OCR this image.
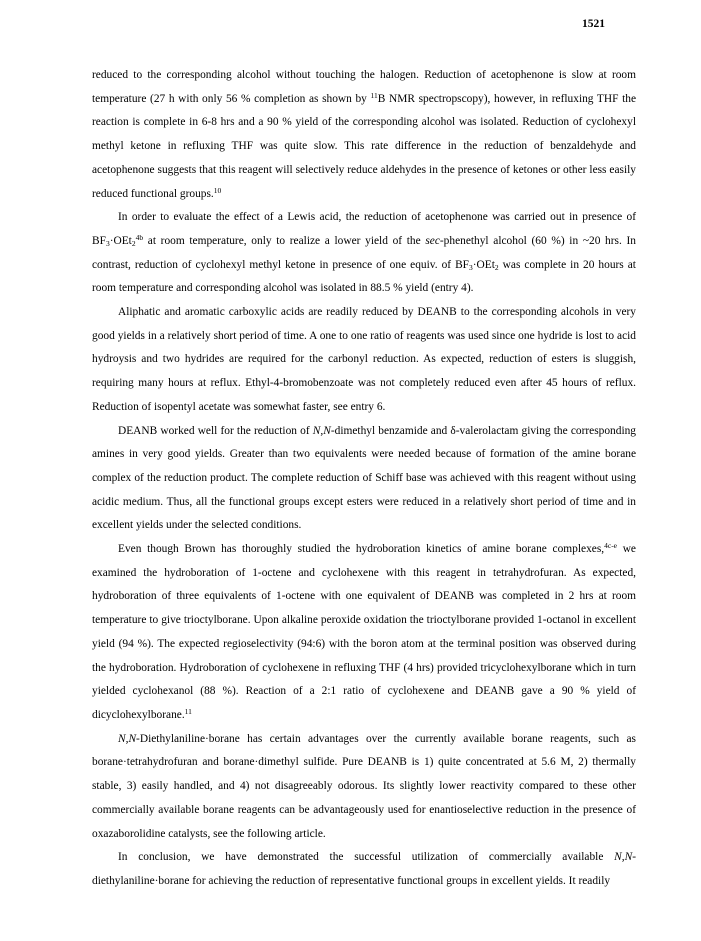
1521

reduced to the corresponding alcohol without touching the halogen. Reduction of acetophenone is slow at room temperature (27 h with only 56 % completion as shown by $^{11}$B NMR spectropscopy), however, in refluxing THF the reaction is complete in 6-8 hrs and a 90 % yield of the corresponding alcohol was isolated. Reduction of cyclohexyl methyl ketone in refluxing THF was quite slow. This rate difference in the reduction of benzaldehyde and acetophenone suggests that this reagent will selectively reduce aldehydes in the presence of ketones or other less easily reduced functional groups.$^{10}$

In order to evaluate the effect of a Lewis acid, the reduction of acetophenone was carried out in presence of $BF_3\cdot OEt_2^{4b}$ at room temperature, only to realize a lower yield of the sec-phenethyl alcohol (60 %) in ~20 hrs. In contrast, reduction of cyclohexyl methyl ketone in presence of one equiv. of $BF_3\cdot OEt_2$ was complete in 20 hours at room temperature and corresponding alcohol was isolated in 88.5 % yield (entry 4).

Aliphatic and aromatic carboxylic acids are readily reduced by DEANB to the corresponding alcohols in very good yields in a relatively short period of time. A one to one ratio of reagents was used since one hydride is lost to acid hydroysis and two hydrides are required for the carbonyl reduction. As expected, reduction of esters is sluggish, requiring many hours at reflux. Ethyl-4-bromobenzoate was not completely reduced even after 45 hours of reflux. Reduction of isopentyl acetate was somewhat faster, see entry 6.

DEANB worked well for the reduction of N,N-dimethyl benzamide and δ-valerolactam giving the corresponding amines in very good yields. Greater than two equivalents were needed because of formation of the amine borane complex of the reduction product. The complete reduction of Schiff base was achieved with this reagent without using acidic medium. Thus, all the functional groups except esters were reduced in a relatively short period of time and in excellent yields under the selected conditions.

Even though Brown has thoroughly studied the hydroboration kinetics of amine borane complexes,$^{4c-e}$ we examined the hydroboration of 1-octene and cyclohexene with this reagent in tetrahydrofuran. As expected, hydroboration of three equivalents of 1-octene with one equivalent of DEANB was completed in 2 hrs at room temperature to give trioctylborane. Upon alkaline peroxide oxidation the trioctylborane provided 1-octanol in excellent yield (94 %). The expected regioselectivity (94:6) with the boron atom at the terminal position was observed during the hydroboration. Hydroboration of cyclohexene in refluxing THF (4 hrs) provided tricyclohexylborane which in turn yielded cyclohexanol (88 %). Reaction of a 2:1 ratio of cyclohexene and DEANB gave a 90 % yield of dicyclohexylborane.$^{11}$

N,N-Diethylaniline·borane has certain advantages over the currently available borane reagents, such as borane·tetrahydrofuran and borane·dimethyl sulfide. Pure DEANB is 1) quite concentrated at 5.6 M, 2) thermally stable, 3) easily handled, and 4) not disagreeably odorous. Its slightly lower reactivity compared to these other commercially available borane reagents can be advantageously used for enantioselective reduction in the presence of oxazaborolidine catalysts, see the following article.

In conclusion, we have demonstrated the successful utilization of commercially available N,N-diethylaniline·borane for achieving the reduction of representative functional groups in excellent yields. It readily
